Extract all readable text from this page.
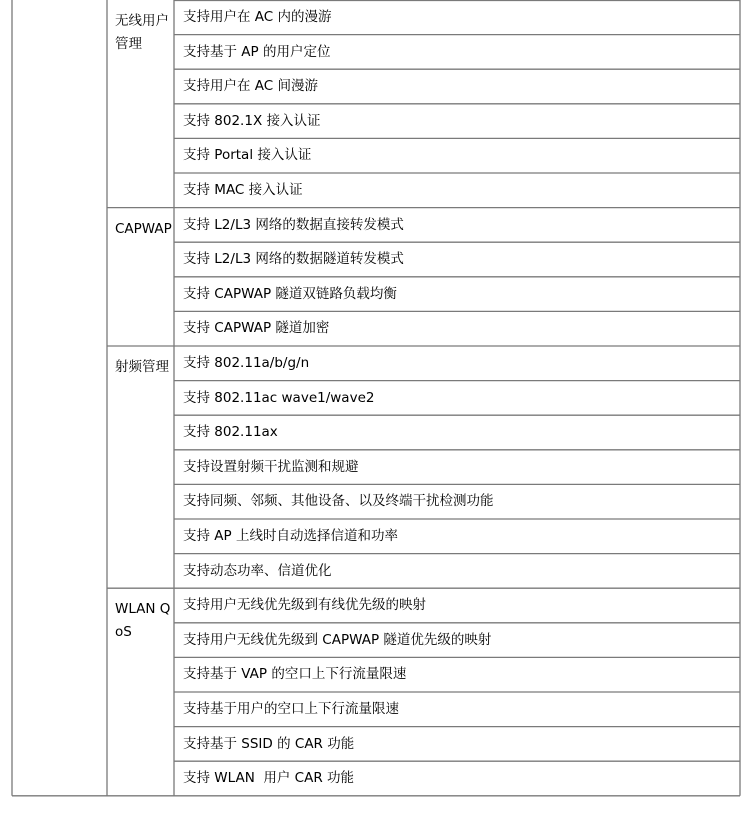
无线用户管理
支持用户在 AC 内的漫游
支持基于 AP 的用户定位
支持用户在 AC 间漫游
支持 802.1X 接入认证
支持 Portal 接入认证
支持 MAC 接入认证
CAPWAP 支持 L2/L3 网络的数据直接转发模式
支持 L2/L3 网络的数据隧道转发模式
支持 CAPWAP 隧道双链路负载均衡
支持 CAPWAP 隧道加密
射频管理 支持 802.11a/b/g/n
支持 802.11ac wave1/wave2
支持 802.11ax
支持设置射频干扰监测和规避
支持同频、邻频、其他设备、以及终端干扰检测功能
支持 AP 上线时自动选择信道和功率
支持动态功率、信道优化
WLAN QoS
支持用户无线优先级到有线优先级的映射
支持用户无线优先级到 CAPWAP 隧道优先级的映射
支持基于 VAP 的空口上下行流量限速
支持基于用户的空口上下行流量限速
支持基于 SSID 的 CAR 功能
支持 WLAN  用户 CAR 功能
